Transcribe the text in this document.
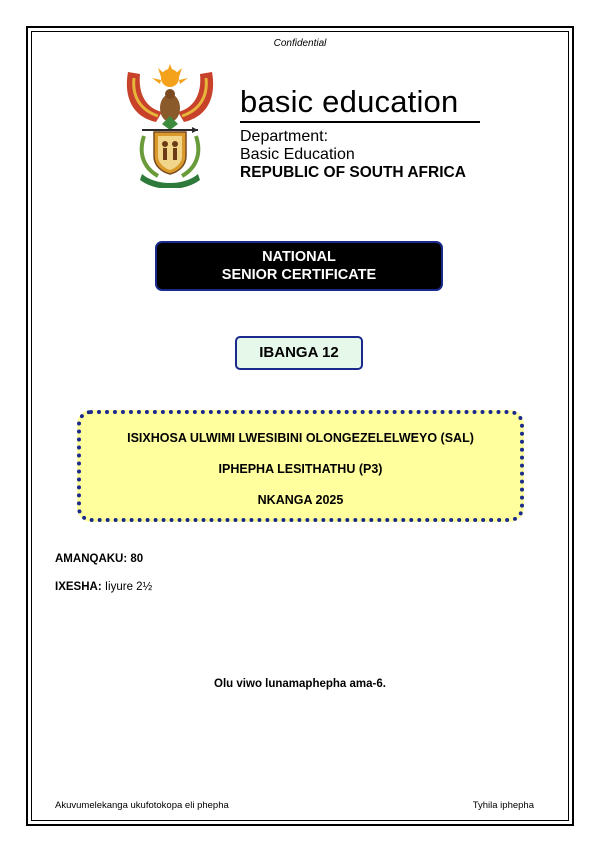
Confidential
basic education
Department:
Basic Education
REPUBLIC OF SOUTH AFRICA
NATIONAL
SENIOR CERTIFICATE
IBANGA 12
ISIXHOSA ULWIMI LWESIBINI OLONGEZELELWEYO (SAL)
IPHEPHA LESITHATHU (P3)
NKANGA 2025
AMANQAKU: 80
IXESHA: Iiyure 2½
Olu viwo lunamaphepha ama-6.
Akuvumelekanga ukufotokopa eli phepha	Tyhila iphepha
